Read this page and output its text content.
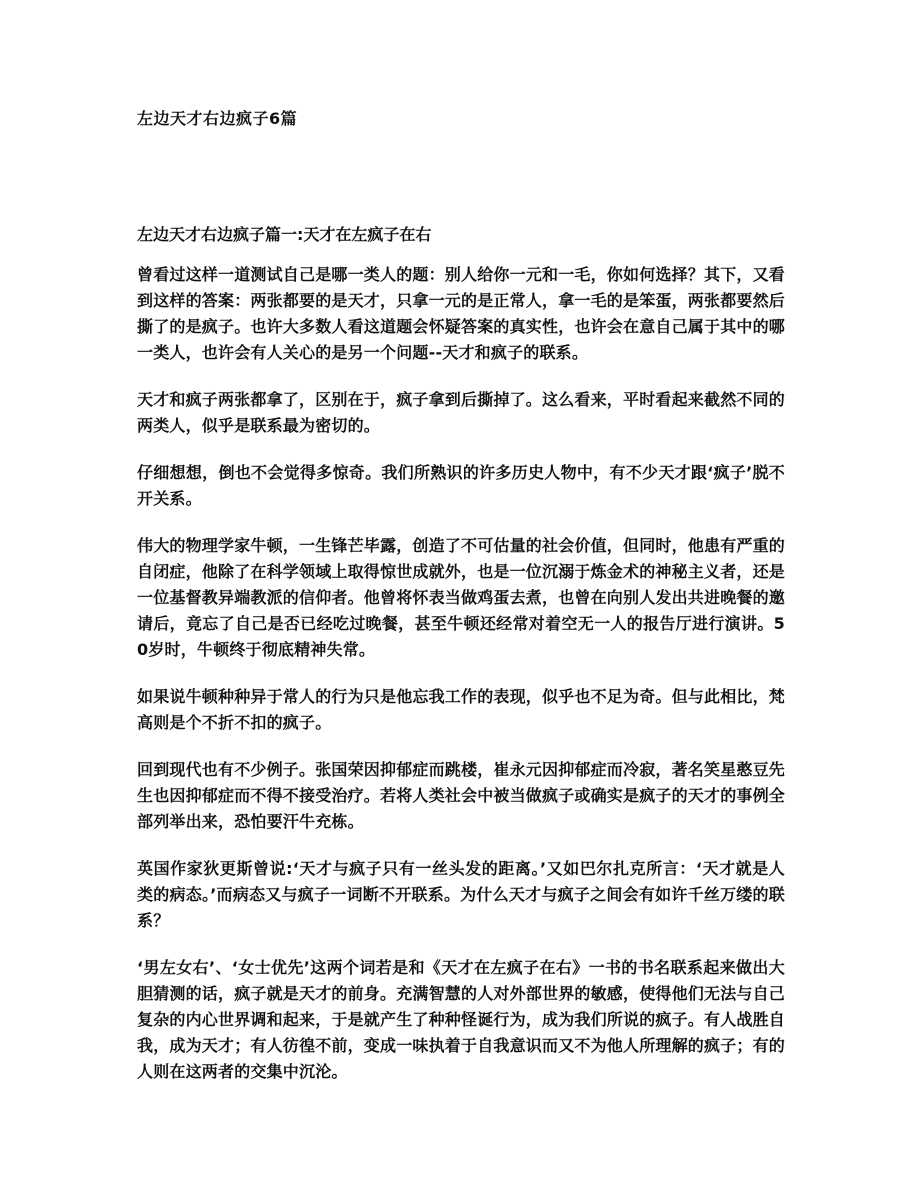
左边天才右边疯子6篇
左边天才右边疯子篇一:天才在左疯子在右

曾看过这样一道测试自己是哪一类人的题：别人给你一元和一毛，你如何选择？其下，又看到这样的答案：两张都要的是天才，只拿一元的是正常人，拿一毛的是笨蛋，两张都要然后撕了的是疯子。也许大多数人看这道题会怀疑答案的真实性，也许会在意自己属于其中的哪一类人，也许会有人关心的是另一个问题--天才和疯子的联系。

天才和疯子两张都拿了，区别在于，疯子拿到后撕掉了。这么看来，平时看起来截然不同的两类人，似乎是联系最为密切的。

仔细想想，倒也不会觉得多惊奇。我们所熟识的许多历史人物中，有不少天才跟‘疯子’脱不开关系。

伟大的物理学家牛顿，一生锋芒毕露，创造了不可估量的社会价值，但同时，他患有严重的自闭症，他除了在科学领域上取得惊世成就外，也是一位沉溺于炼金术的神秘主义者，还是一位基督教异端教派的信仰者。他曾将怀表当做鸡蛋去煮，也曾在向别人发出共进晚餐的邀请后，竟忘了自己是否已经吃过晚餐，甚至牛顿还经常对着空无一人的报告厅进行演讲。50岁时，牛顿终于彻底精神失常。

如果说牛顿种种异于常人的行为只是他忘我工作的表现，似乎也不足为奇。但与此相比，梵高则是个不折不扣的疯子。

回到现代也有不少例子。张国荣因抑郁症而跳楼，崔永元因抑郁症而冷寂，著名笑星憨豆先生也因抑郁症而不得不接受治疗。若将人类社会中被当做疯子或确实是疯子的天才的事例全部列举出来，恐怕要汗牛充栋。

英国作家狄更斯曾说:‘天才与疯子只有一丝头发的距离。’又如巴尔扎克所言：‘天才就是人类的病态。’而病态又与疯子一词断不开联系。为什么天才与疯子之间会有如许千丝万缕的联系？

‘男左女右’、‘女士优先’这两个词若是和《天才在左疯子在右》一书的书名联系起来做出大胆猜测的话，疯子就是天才的前身。充满智慧的人对外部世界的敏感，使得他们无法与自己复杂的内心世界调和起来，于是就产生了种种怪诞行为，成为我们所说的疯子。有人战胜自我，成为天才；有人彷徨不前，变成一味执着于自我意识而又不为他人所理解的疯子；有的人则在这两者的交集中沉沦。
